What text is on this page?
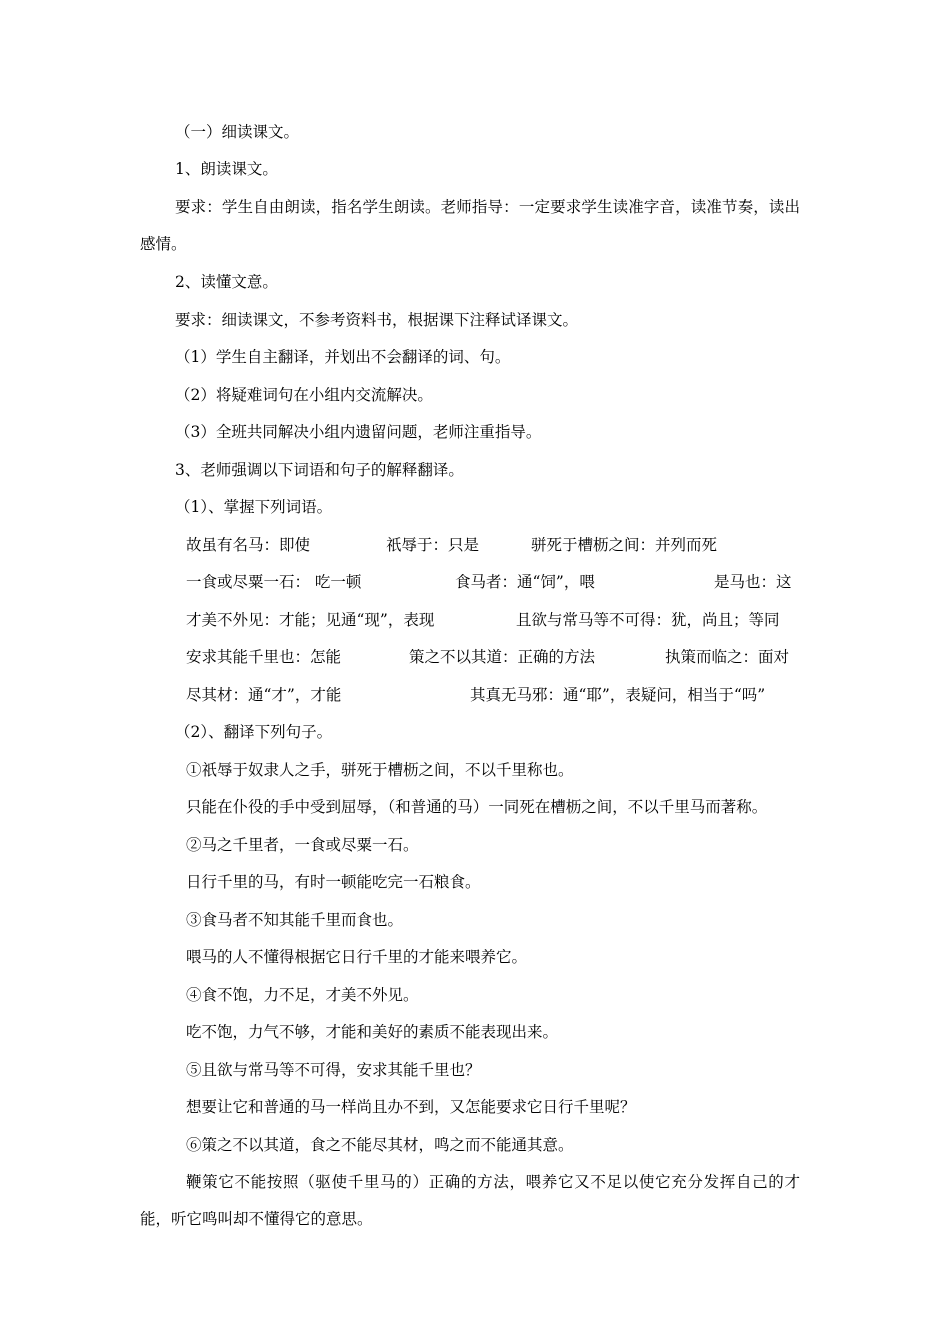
（一）细读课文。
1、朗读课文。
要求：学生自由朗读，指名学生朗读。老师指导：一定要求学生读准字音，读准节奏，读出感情。
2、读懂文意。
要求：细读课文，不参考资料书，根据课下注释试译课文。
（1）学生自主翻译，并划出不会翻译的词、句。
（2）将疑难词句在小组内交流解决。
（3）全班共同解决小组内遗留问题，老师注重指导。
3、老师强调以下词语和句子的解释翻译。
（1）、掌握下列词语。
故虽有名马：即使	祇辱于：只是	骈死于槽枥之间：并列而死
一食或尽粟一石： 吃一顿	食马者：通“饲”，喂	是马也：这
才美不外见：才能；见通“现”，表现	且欲与常马等不可得：犹，尚且；等同
安求其能千里也：怎能	策之不以其道：正确的方法	执策而临之：面对
尽其材：通“才”，才能	其真无马邪：通“耶”，表疑问，相当于“吗”
（2）、翻译下列句子。
①祇辱于奴隶人之手，骈死于槽枥之间，不以千里称也。
只能在仆役的手中受到屈辱，（和普通的马）一同死在槽枥之间，不以千里马而著称。
②马之千里者，一食或尽粟一石。
日行千里的马，有时一顿能吃完一石粮食。
③食马者不知其能千里而食也。
喂马的人不懂得根据它日行千里的才能来喂养它。
④食不饱，力不足，才美不外见。
吃不饱，力气不够，才能和美好的素质不能表现出来。
⑤且欲与常马等不可得，安求其能千里也？
想要让它和普通的马一样尚且办不到，又怎能要求它日行千里呢？
⑥策之不以其道，食之不能尽其材，鸣之而不能通其意。
鞭策它不能按照（驱使千里马的）正确的方法，喂养它又不足以使它充分发挥自己的才能，听它鸣叫却不懂得它的意思。
